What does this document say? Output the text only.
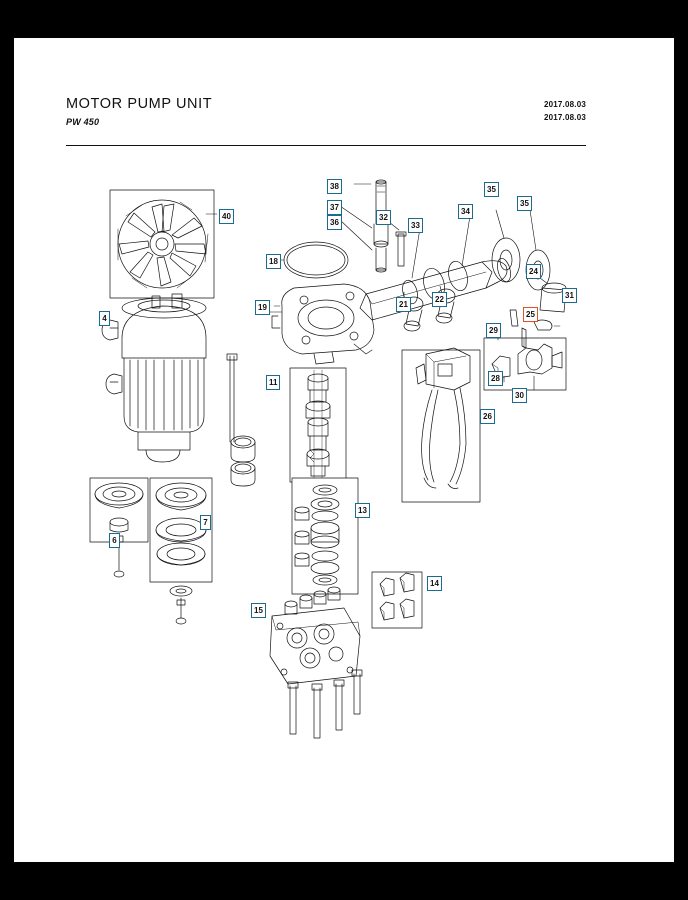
MOTOR PUMP UNIT
PW 450
2017.08.03
2017.08.03
4
6
7
11
13
14
15
18
19	21
22
24
25
26
28
29
30
31
32
33
34
35
35
36
37
38
40
